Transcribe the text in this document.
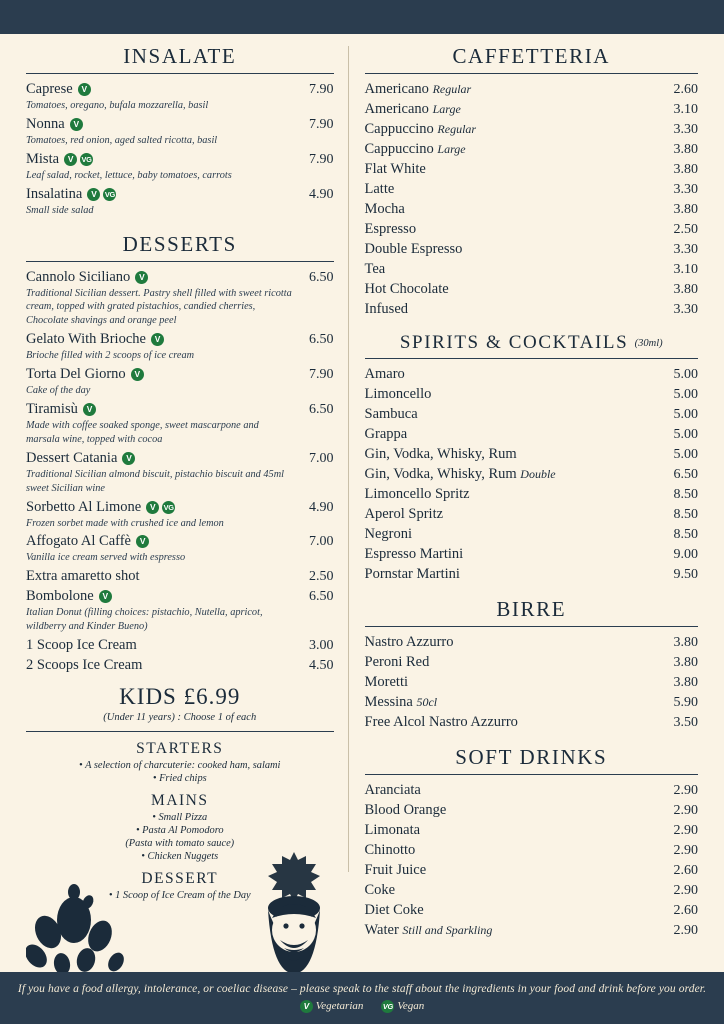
INSALATE
Caprese	V	7.90
Tomatoes, oregano, bufala mozzarella, basil
Nonna	V	7.90
Tomatoes, red onion, aged salted ricotta, basil
Mista	V	VG	7.90
Leaf salad, rocket, lettuce, baby tomatoes, carrots
Insalatina	V	VG	4.90
Small side salad
DESSERTS
Cannolo Siciliano	V	6.50
Traditional Sicilian dessert. Pastry shell filled with sweet ricotta cream, topped with grated pistachios, candied cherries, Chocolate shavings and orange peel
Gelato With Brioche	V	6.50
Brioche filled with 2 scoops of ice cream
Torta Del Giorno	V	7.90
Cake of the day
Tiramisù	V	6.50
Made with coffee soaked sponge, sweet mascarpone and marsala wine, topped with cocoa
Dessert Catania	V	7.00
Traditional Sicilian almond biscuit, pistachio biscuit and 45ml sweet Sicilian wine
Sorbetto Al Limone	V	VG	4.90
Frozen sorbet made with crushed ice and lemon
Affogato Al Caffè	V	7.00
Vanilla ice cream served with espresso
Extra amaretto shot	2.50
Bombolone	V	6.50
Italian Donut (filling choices: pistachio, Nutella, apricot, wildberry and Kinder Bueno)
1 Scoop Ice Cream	3.00
2 Scoops Ice Cream	4.50
KIDS £6.99
(Under 11 years) : Choose 1 of each
STARTERS
• A selection of charcuterie: cooked ham, salami
• Fried chips
MAINS
• Small Pizza
• Pasta Al Pomodoro
(Pasta with tomato sauce)
• Chicken Nuggets
DESSERT
• 1 Scoop of Ice Cream of the Day
CAFFETTERIA
Americano Regular	2.60
Americano Large	3.10
Cappuccino Regular	3.30
Cappuccino Large	3.80
Flat White	3.80
Latte	3.30
Mocha	3.80
Espresso	2.50
Double Espresso	3.30
Tea	3.10
Hot Chocolate	3.80
Infused	3.30
SPIRITS & COCKTAILS (30ml)
Amaro	5.00
Limoncello	5.00
Sambuca	5.00
Grappa	5.00
Gin, Vodka, Whisky, Rum	5.00
Gin, Vodka, Whisky, Rum Double	6.50
Limoncello Spritz	8.50
Aperol Spritz	8.50
Negroni	8.50
Espresso Martini	9.00
Pornstar Martini	9.50
BIRRE
Nastro Azzurro	3.80
Peroni Red	3.80
Moretti	3.80
Messina 50cl	5.90
Free Alcol Nastro Azzurro	3.50
SOFT DRINKS
Aranciata	2.90
Blood Orange	2.90
Limonata	2.90
Chinotto	2.90
Fruit Juice	2.60
Coke	2.90
Diet Coke	2.60
Water Still and Sparkling	2.90
If you have a food allergy, intolerance, or coeliac disease – please speak to the staff about the ingredients in your food and drink before you order.
V Vegetarian	VG Vegan
